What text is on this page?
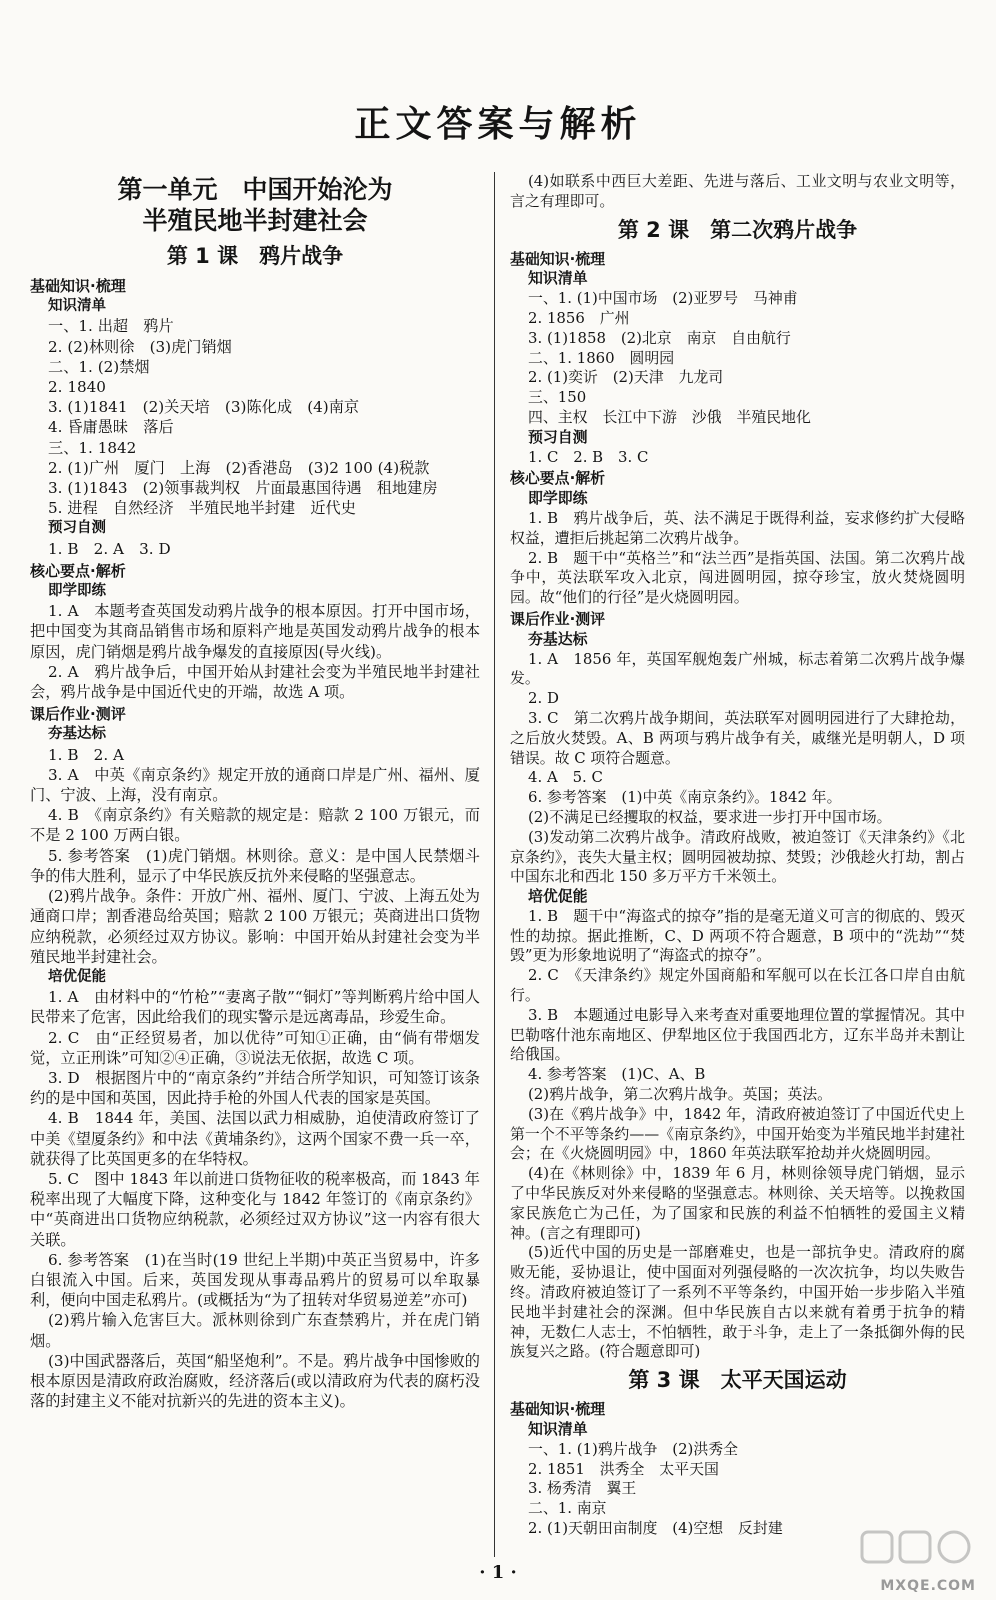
正文答案与解析
第一单元　中国开始沦为
半殖民地半封建社会
第 1 课　鸦片战争
基础知识·梳理
知识清单
一、1. 出超　鸦片
2. (2)林则徐　(3)虎门销烟
二、1. (2)禁烟
2. 1840
3. (1)1841　(2)关天培　(3)陈化成　(4)南京
4. 昏庸愚昧　落后
三、1. 1842
2. (1)广州　厦门　上海　(2)香港岛　(3)2 100 (4)税款
3. (1)1843　(2)领事裁判权　片面最惠国待遇　租地建房
5. 进程　自然经济　半殖民地半封建　近代史
预习自测
1. B　2. A　3. D
核心要点·解析
即学即练
1. A　本题考查英国发动鸦片战争的根本原因。打开中国市场，把中国变为其商品销售市场和原料产地是英国发动鸦片战争的根本原因，虎门销烟是鸦片战争爆发的直接原因(导火线)。
2. A　鸦片战争后，中国开始从封建社会变为半殖民地半封建社会，鸦片战争是中国近代史的开端，故选 A 项。
课后作业·测评
夯基达标
1. B　2. A
3. A　中英《南京条约》规定开放的通商口岸是广州、福州、厦门、宁波、上海，没有南京。
4. B　《南京条约》有关赔款的规定是：赔款 2 100 万银元，而不是 2 100 万两白银。
5. 参考答案　(1)虎门销烟。林则徐。意义：是中国人民禁烟斗争的伟大胜利，显示了中华民族反抗外来侵略的坚强意志。
(2)鸦片战争。条件：开放广州、福州、厦门、宁波、上海五处为通商口岸；割香港岛给英国；赔款 2 100 万银元；英商进出口货物应纳税款，必须经过双方协议。影响：中国开始从封建社会变为半殖民地半封建社会。
培优促能
1. A　由材料中的“竹枪”“妻离子散”“铜灯”等判断鸦片给中国人民带来了危害，因此给我们的现实警示是远离毒品，珍爱生命。
2. C　由“正经贸易者，加以优待”可知①正确，由“倘有带烟发觉，立正刑诛”可知②④正确，③说法无依据，故选 C 项。
3. D　根据图片中的“南京条约”并结合所学知识，可知签订该条约的是中国和英国，因此持手枪的外国人代表的国家是英国。
4. B　1844 年，美国、法国以武力相威胁，迫使清政府签订了中美《望厦条约》和中法《黄埔条约》，这两个国家不费一兵一卒，就获得了比英国更多的在华特权。
5. C　图中 1843 年以前进口货物征收的税率极高，而 1843 年税率出现了大幅度下降，这种变化与 1842 年签订的《南京条约》中“英商进出口货物应纳税款，必须经过双方协议”这一内容有很大关联。
6. 参考答案　(1)在当时(19 世纪上半期)中英正当贸易中，许多白银流入中国。后来，英国发现从事毒品鸦片的贸易可以牟取暴利，便向中国走私鸦片。(或概括为“为了扭转对华贸易逆差”亦可)
(2)鸦片输入危害巨大。派林则徐到广东查禁鸦片，并在虎门销烟。
(3)中国武器落后，英国“船坚炮利”。不是。鸦片战争中国惨败的根本原因是清政府政治腐败，经济落后(或以清政府为代表的腐朽没落的封建主义不能对抗新兴的先进的资本主义)。
(4)如联系中西巨大差距、先进与落后、工业文明与农业文明等，言之有理即可。
第 2 课　第二次鸦片战争
基础知识·梳理
知识清单
一、1. (1)中国市场　(2)亚罗号　马神甫
2. 1856　广州
3. (1)1858　(2)北京　南京　自由航行
二、1. 1860　圆明园
2. (1)奕䜣　(2)天津　九龙司
三、150
四、主权　长江中下游　沙俄　半殖民地化
预习自测
1. C　2. B　3. C
核心要点·解析
即学即练
1. B　鸦片战争后，英、法不满足于既得利益，妄求修约扩大侵略权益，遭拒后挑起第二次鸦片战争。
2. B　题干中“英格兰”和“法兰西”是指英国、法国。第二次鸦片战争中，英法联军攻入北京，闯进圆明园，掠夺珍宝，放火焚烧圆明园。故“他们的行径”是火烧圆明园。
课后作业·测评
夯基达标
1. A　1856 年，英国军舰炮轰广州城，标志着第二次鸦片战争爆发。
2. D
3. C　第二次鸦片战争期间，英法联军对圆明园进行了大肆抢劫，之后放火焚毁。A、B 两项与鸦片战争有关，戚继光是明朝人，D 项错误。故 C 项符合题意。
4. A　5. C
6. 参考答案　(1)中英《南京条约》。1842 年。
(2)不满足已经攫取的权益，要求进一步打开中国市场。
(3)发动第二次鸦片战争。清政府战败，被迫签订《天津条约》《北京条约》，丧失大量主权；圆明园被劫掠、焚毁；沙俄趁火打劫，割占中国东北和西北 150 多万平方千米领土。
培优促能
1. B　题干中“海盗式的掠夺”指的是毫无道义可言的彻底的、毁灭性的劫掠。据此推断，C、D 两项不符合题意，B 项中的“洗劫”“焚毁”更为形象地说明了“海盗式的掠夺”。
2. C　《天津条约》规定外国商船和军舰可以在长江各口岸自由航行。
3. B　本题通过电影导入来考查对重要地理位置的掌握情况。其中巴勒喀什池东南地区、伊犁地区位于我国西北方，辽东半岛并未割让给俄国。
4. 参考答案　(1)C、A、B
(2)鸦片战争，第二次鸦片战争。英国；英法。
(3)在《鸦片战争》中，1842 年，清政府被迫签订了中国近代史上第一个不平等条约——《南京条约》，中国开始变为半殖民地半封建社会；在《火烧圆明园》中，1860 年英法联军抢劫并火烧圆明园。
(4)在《林则徐》中，1839 年 6 月，林则徐领导虎门销烟，显示了中华民族反对外来侵略的坚强意志。林则徐、关天培等。以挽救国家民族危亡为己任，为了国家和民族的利益不怕牺牲的爱国主义精神。(言之有理即可)
(5)近代中国的历史是一部磨难史，也是一部抗争史。清政府的腐败无能，妥协退让，使中国面对列强侵略的一次次抗争，均以失败告终。清政府被迫签订了一系列不平等条约，中国开始一步步陷入半殖民地半封建社会的深渊。但中华民族自古以来就有着勇于抗争的精神，无数仁人志士，不怕牺牲，敢于斗争，走上了一条抵御外侮的民族复兴之路。(符合题意即可)
第 3 课　太平天国运动
基础知识·梳理
知识清单
一、1. (1)鸦片战争　(2)洪秀全
2. 1851　洪秀全　太平天国
3. 杨秀清　翼王
二、1. 南京
2. (1)天朝田亩制度　(4)空想　反封建
· 1 ·
MXQE.COM
